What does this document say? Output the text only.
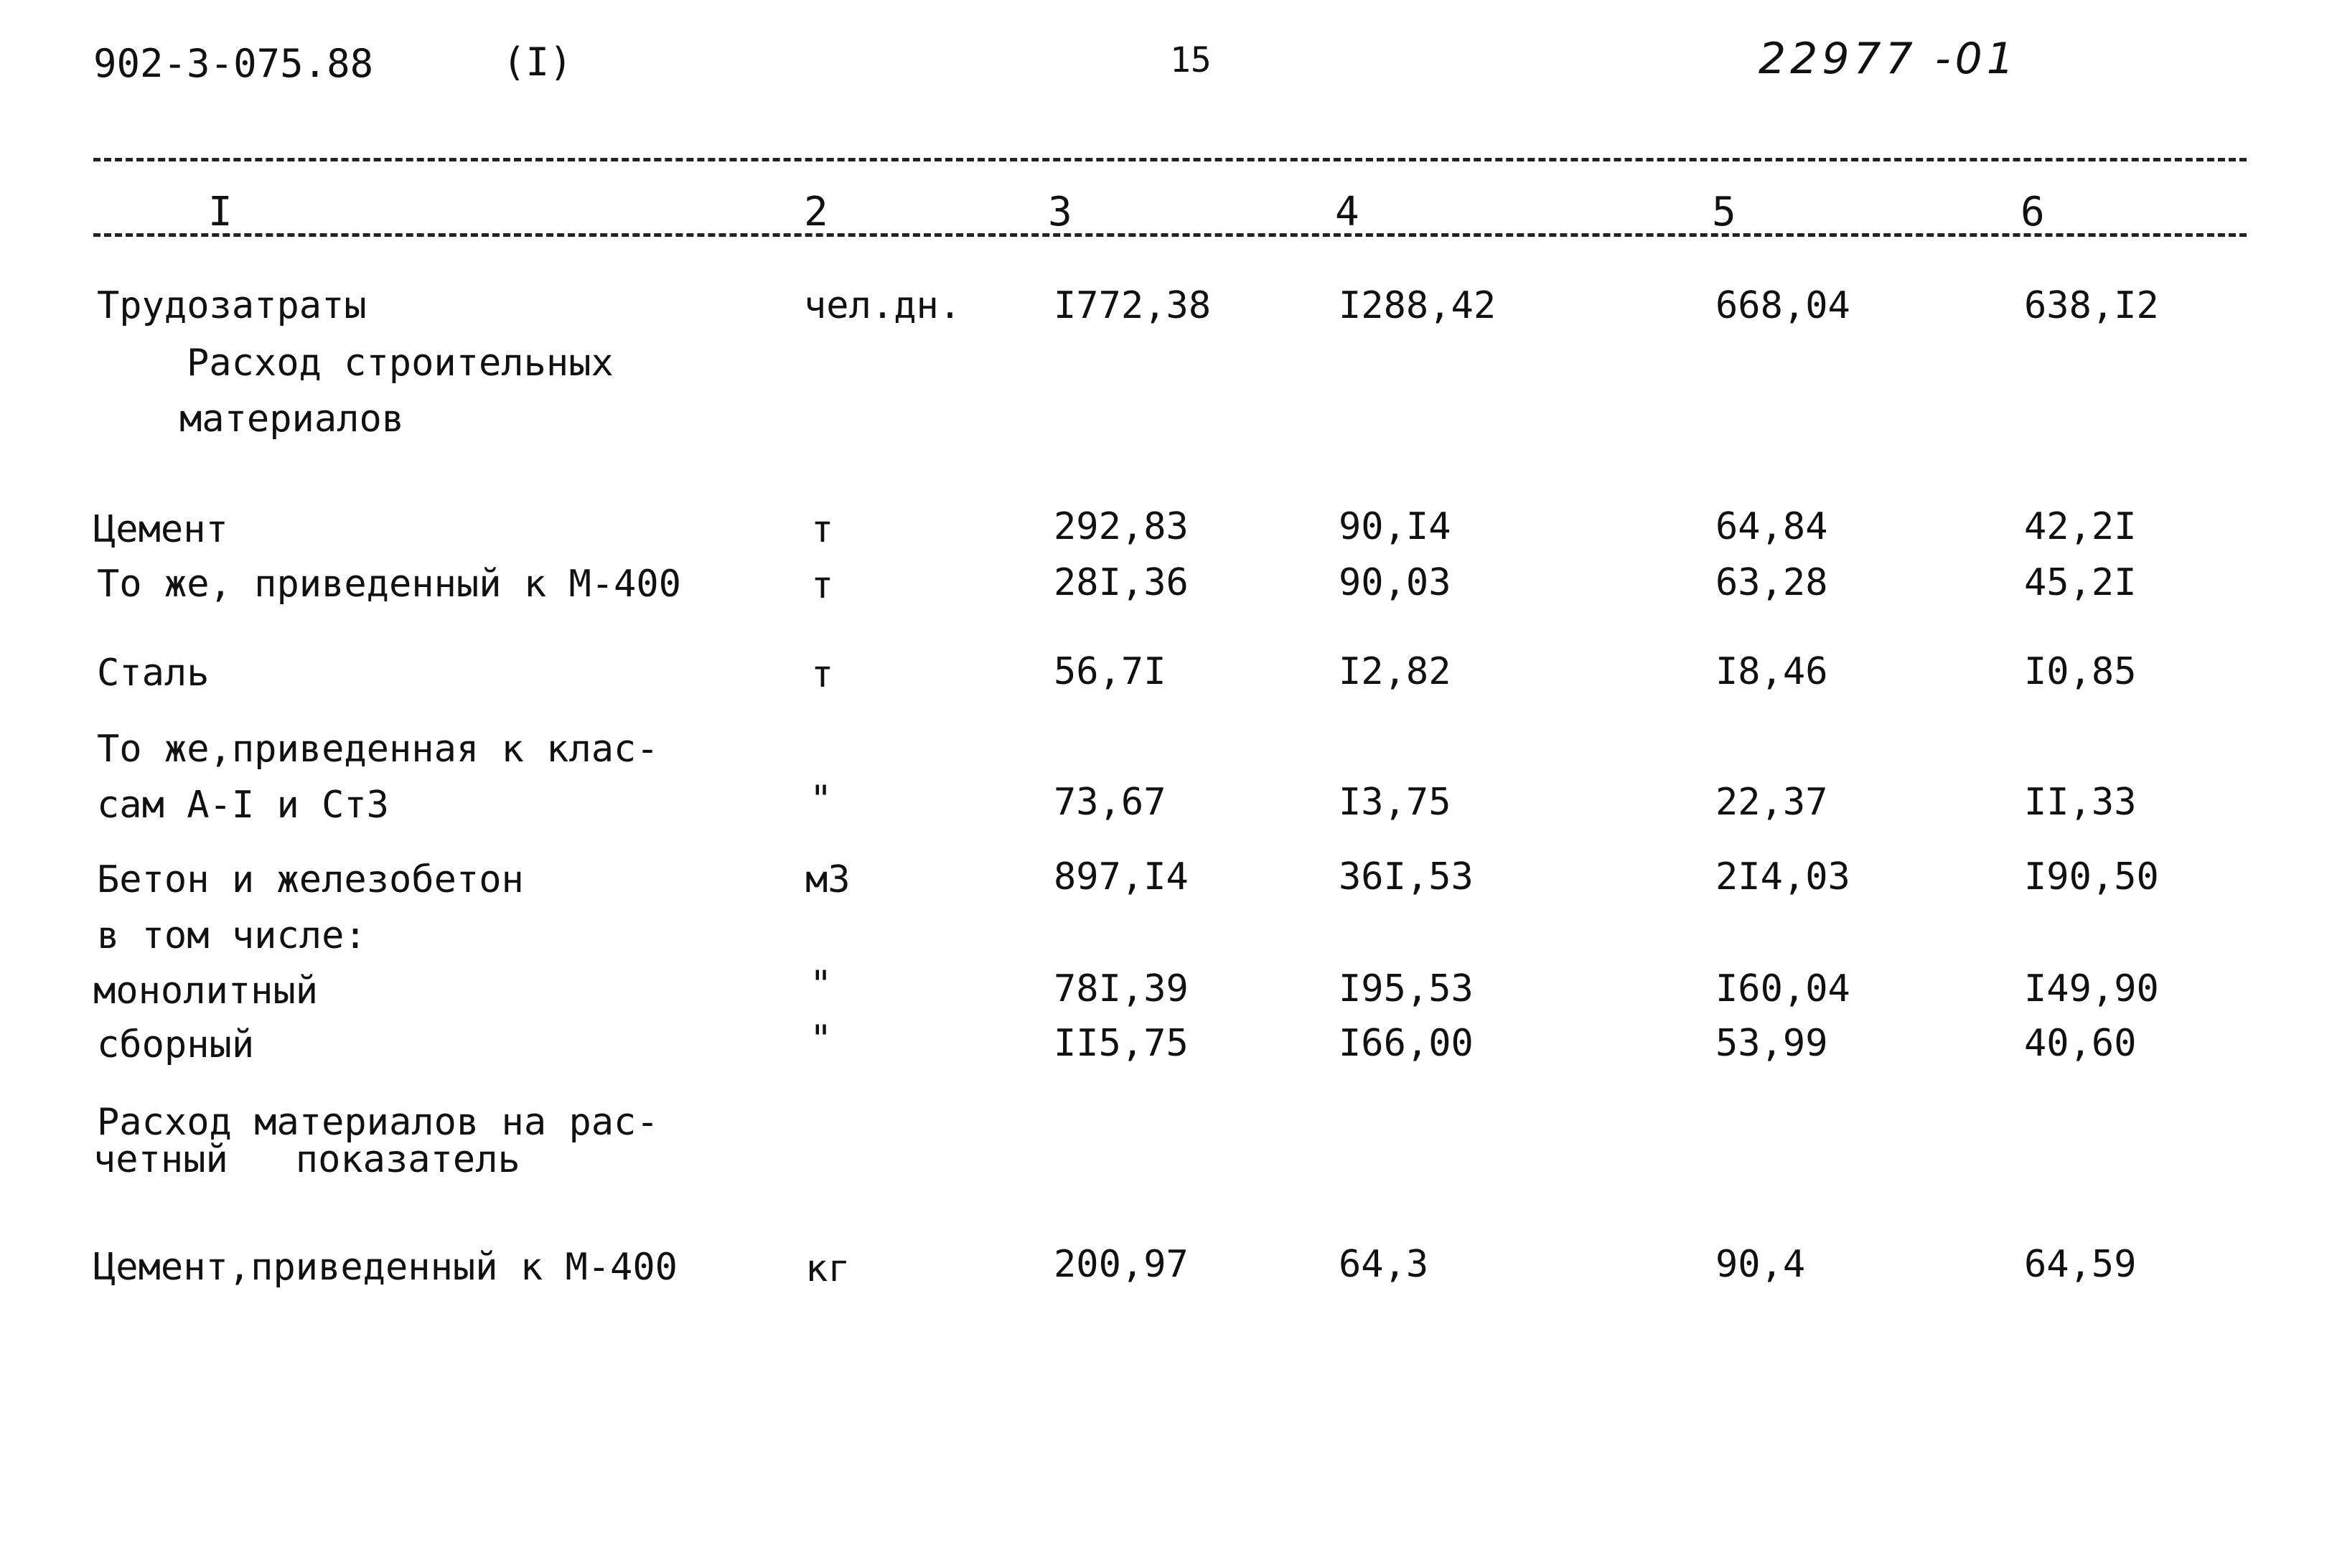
902-3-075.88	(I)	15	22977 -01
I	2	3	4	5	6
Трудозатраты	чел.дн. I772,38	I288,42	668,04	638,I2
Расход строительных
материалов
Цемент	т	292,83	90,I4	64,84	42,2I
То же, приведенный к М-400	т	28I,36	90,03	63,28	45,2I
Сталь	т	56,7I	I2,82	I8,46	I0,85
То же,приведенная к клас-
сам А-I и Ст3	"	73,67	I3,75	22,37	II,33
Бетон и железобетон	м3	897,I4	36I,53	2I4,03	I90,50
в том числе:
монолитный	"	78I,39	I95,53	I60,04	I49,90
сборный	"	II5,75	I66,00	53,99	40,60
Расход материалов на рас-
четный   показатель
Цемент,приведенный к М-400	кг	200,97	64,3	90,4	64,59
